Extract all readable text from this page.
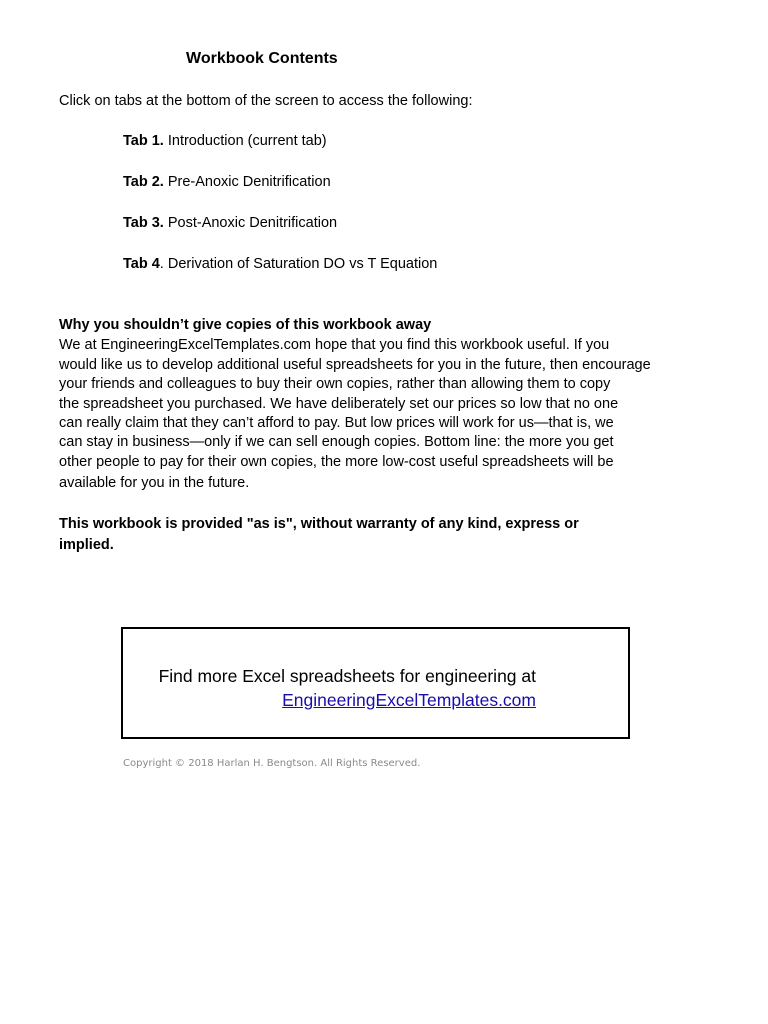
Workbook Contents
Click on tabs at the bottom of the screen to access the following:
Tab 1. Introduction (current tab)
Tab 2. Pre-Anoxic Denitrification
Tab 3. Post-Anoxic Denitrification
Tab 4. Derivation of Saturation DO vs T Equation
Why you shouldn’t give copies of this workbook away
We at EngineeringExcelTemplates.com hope that you find this workbook useful. If you
would like us to develop additional useful spreadsheets for you in the future, then encourage
your friends and colleagues to buy their own copies, rather than allowing them to copy
the spreadsheet you purchased. We have deliberately set our prices so low that no one
can really claim that they can’t afford to pay. But low prices will work for us—that is, we
can stay in business—only if we can sell enough copies. Bottom line: the more you get
other people to pay for their own copies, the more low-cost useful spreadsheets will be
available for you in the future.
This workbook is provided "as is", without warranty of any kind, express or
implied.
Find more Excel spreadsheets for engineering at
EngineeringExcelTemplates.com
Copyright © 2018 Harlan H. Bengtson. All Rights Reserved.
